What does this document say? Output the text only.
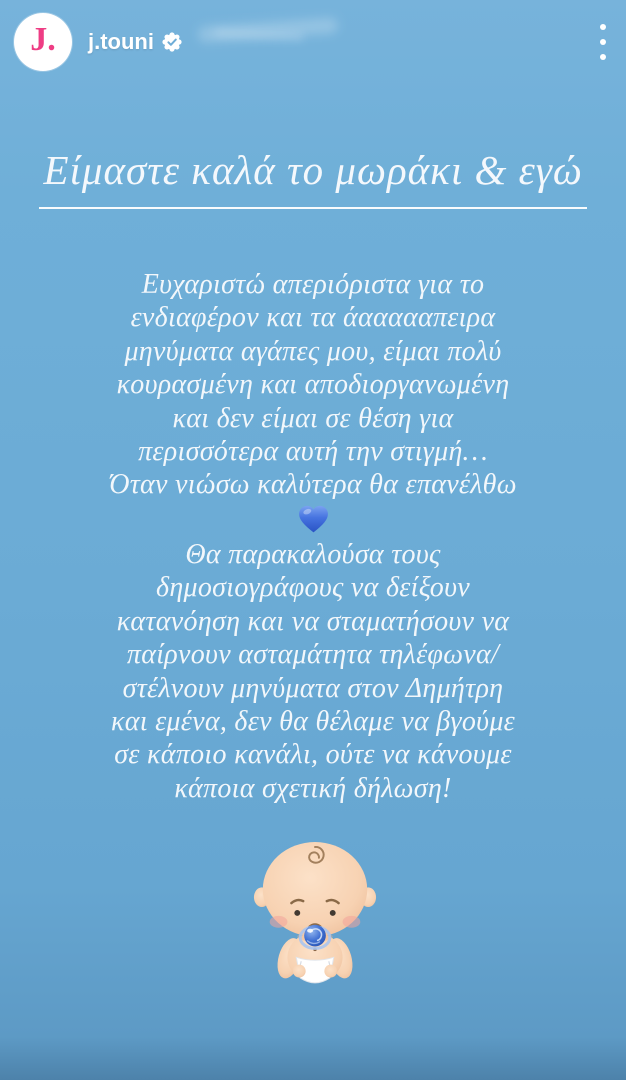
J. j.touni
Είμαστε καλά το μωράκι & εγώ
Ευχαριστώ απεριόριστα για το
ενδιαφέρον και τα άαααααπειρα
μηνύματα αγάπες μου, είμαι πολύ
κουρασμένη και αποδιοργανωμένη
και δεν είμαι σε θέση για
περισσότερα αυτή την στιγμή…
Όταν νιώσω καλύτερα θα επανέλθω
Θα παρακαλούσα τους
δημοσιογράφους να δείξουν
κατανόηση και να σταματήσουν να
παίρνουν ασταμάτητα τηλέφωνα/
στέλνουν μηνύματα στον Δημήτρη
και εμένα, δεν θα θέλαμε να βγούμε
σε κάποιο κανάλι, ούτε να κάνουμε
κάποια σχετική δήλωση!
